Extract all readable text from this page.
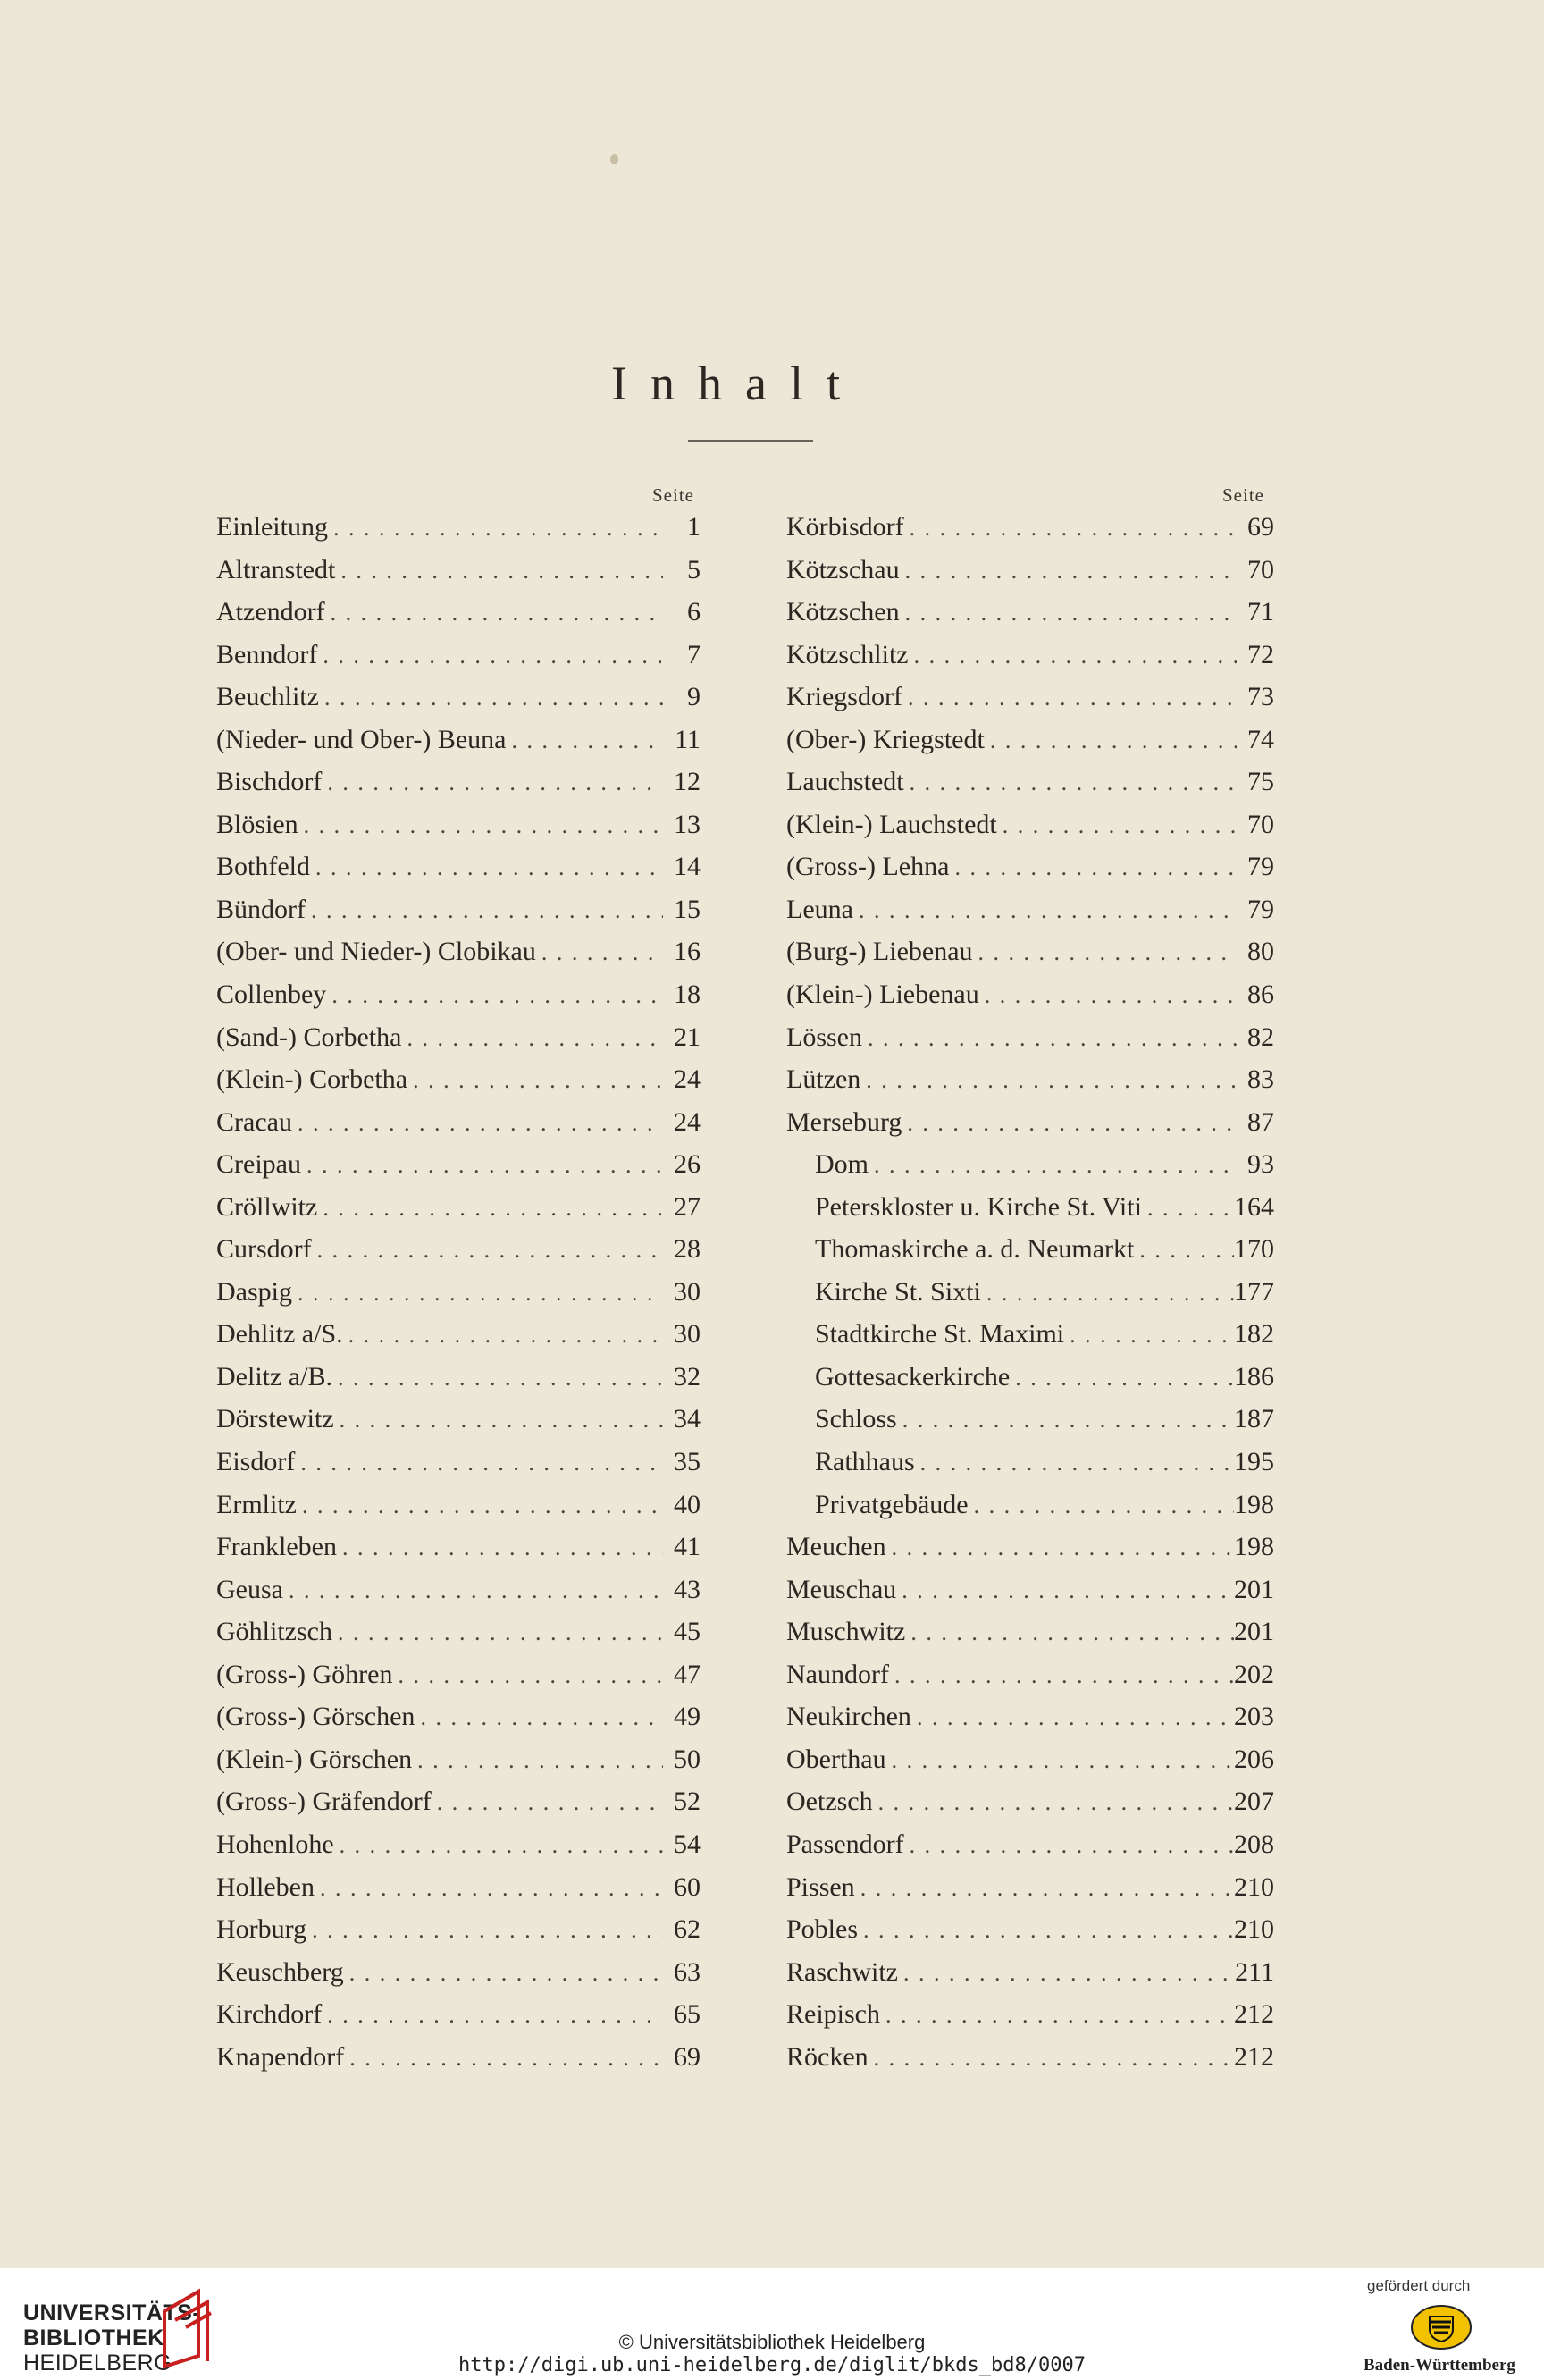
Inhalt
Seite	Seite
Einleitung . . .	1
Altranstedt . . .	5
Atzendorf . . .	6
Benndorf . . .	7
Beuchlitz . . .	9
(Nieder- und Ober-) Beuna . . .	11
Bischdorf . . .	12
Blösien . . .	13
Bothfeld . . .	14
Bündorf . . .	15
(Ober- und Nieder-) Clobikau . . .	16
Collenbey . . .	18
(Sand-) Corbetha . . .	21
(Klein-) Corbetha . . .	24
Cracau . . .	24
Creipau . . .	26
Cröllwitz . . .	27
Cursdorf . . .	28
Daspig . . .	30
Dehlitz a/S. . . .	30
Delitz a/B. . . .	32
Dörstewitz . . .	34
Eisdorf . . .	35
Ermlitz . . .	40
Frankleben . . .	41
Geusa . . .	43
Göhlitzsch . . .	45
(Gross-) Göhren . . .	47
(Gross-) Görschen . . .	49
(Klein-) Görschen . . .	50
(Gross-) Gräfendorf . . .	52
Hohenlohe . . .	54
Holleben . . .	60
Horburg . . .	62
Keuschberg . . .	63
Kirchdorf . . .	65
Knapendorf . . .	69
Körbisdorf . . .	69
Kötzschau . . .	70
Kötzschen . . .	71
Kötzschlitz . . .	72
Kriegsdorf . . .	73
(Ober-) Kriegstedt . . .	74
Lauchstedt . . .	75
(Klein-) Lauchstedt . . .	70
(Gross-) Lehna . . .	79
Leuna . . .	79
(Burg-) Liebenau . . .	80
(Klein-) Liebenau . . .	86
Lössen . . .	82
Lützen . . .	83
Merseburg . . .	87
Dom . . .	93
Peterskloster u. Kirche St. Viti . . .	164
Thomaskirche a. d. Neumarkt . . .	170
Kirche St. Sixti . . .	177
Stadtkirche St. Maximi . . .	182
Gottesackerkirche . . .	186
Schloss . . .	187
Rathhaus . . .	195
Privatgebäude . . .	198
Meuchen . . .	198
Meuschau . . .	201
Muschwitz . . .	201
Naundorf . . .	202
Neukirchen . . .	203
Oberthau . . .	206
Oetzsch . . .	207
Passendorf . . .	208
Pissen . . .	210
Pobles . . .	210
Raschwitz . . .	211
Reipisch . . .	212
Röcken . . .	212
UNIVERSITÄTS-
BIBLIOTHEK
HEIDELBERG
© Universitätsbibliothek Heidelberg
http://digi.ub.uni-heidelberg.de/diglit/bkds_bd8/0007
gefördert durch
Baden-Württemberg
